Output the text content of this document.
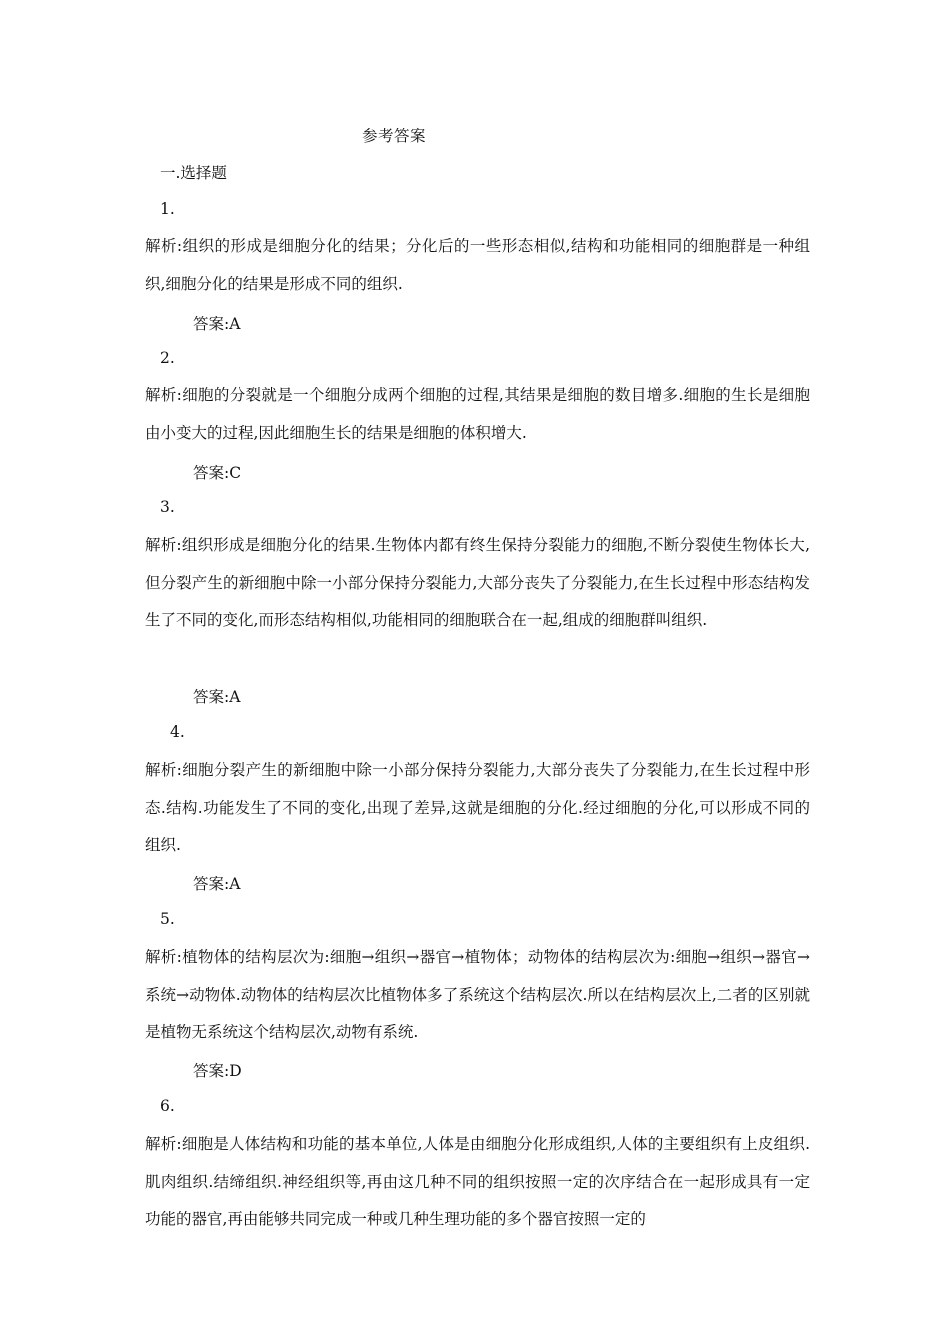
参考答案
一.选择题
1.
解析:组织的形成是细胞分化的结果；分化后的一些形态相似,结构和功能相同的细胞群是一种组织,细胞分化的结果是形成不同的组织.
答案:A
2.
解析:细胞的分裂就是一个细胞分成两个细胞的过程,其结果是细胞的数目增多.细胞的生长是细胞由小变大的过程,因此细胞生长的结果是细胞的体积增大.
答案:C
3.
解析:组织形成是细胞分化的结果.生物体内都有终生保持分裂能力的细胞,不断分裂使生物体长大,但分裂产生的新细胞中除一小部分保持分裂能力,大部分丧失了分裂能力,在生长过程中形态结构发生了不同的变化,而形态结构相似,功能相同的细胞联合在一起,组成的细胞群叫组织.
答案:A
4.
解析:细胞分裂产生的新细胞中除一小部分保持分裂能力,大部分丧失了分裂能力,在生长过程中形态.结构.功能发生了不同的变化,出现了差异,这就是细胞的分化.经过细胞的分化,可以形成不同的组织.
答案:A
5.
解析:植物体的结构层次为:细胞→组织→器官→植物体；动物体的结构层次为:细胞→组织→器官→系统→动物体.动物体的结构层次比植物体多了系统这个结构层次.所以在结构层次上,二者的区别就是植物无系统这个结构层次,动物有系统.
答案:D
6.
解析:细胞是人体结构和功能的基本单位,人体是由细胞分化形成组织,人体的主要组织有上皮组织.肌肉组织.结缔组织.神经组织等,再由这几种不同的组织按照一定的次序结合在一起形成具有一定功能的器官,再由能够共同完成一种或几种生理功能的多个器官按照一定的
